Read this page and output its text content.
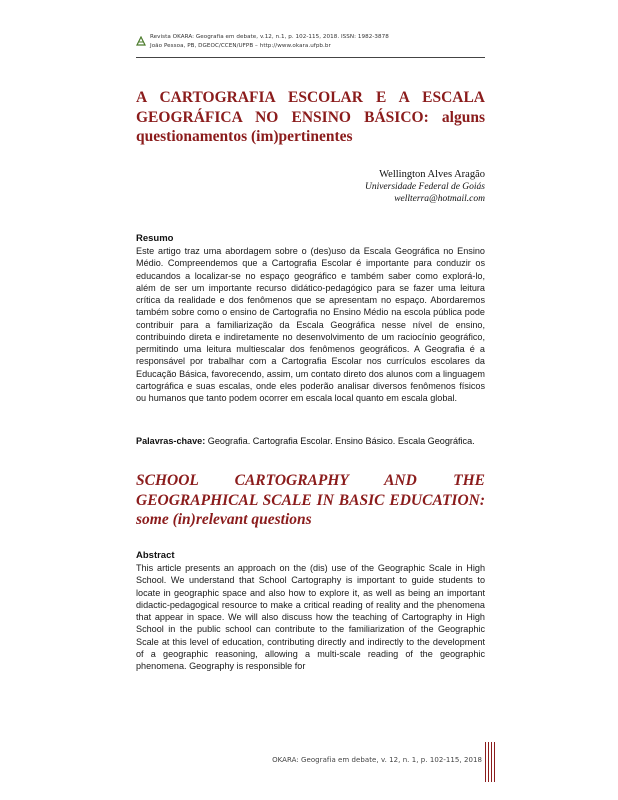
Revista OKARA: Geografia em debate, v.12, n.1, p. 102-115, 2018. ISSN: 1982-3878
João Pessoa, PB, DGEOC/CCEN/UFPB – http://www.okara.ufpb.br
A CARTOGRAFIA ESCOLAR E A ESCALA GEOGRÁFICA NO ENSINO BÁSICO: alguns questionamentos (im)pertinentes
Wellington Alves Aragão
Universidade Federal de Goiás
wellterra@hotmail.com
Resumo
Este artigo traz uma abordagem sobre o (des)uso da Escala Geográfica no Ensino Médio. Compreendemos que a Cartografia Escolar é importante para conduzir os educandos a localizar-se no espaço geográfico e também saber como explorá-lo, além de ser um importante recurso didático-pedagógico para se fazer uma leitura crítica da realidade e dos fenômenos que se apresentam no espaço. Abordaremos também sobre como o ensino de Cartografia no Ensino Médio na escola pública pode contribuir para a familiarização da Escala Geográfica nesse nível de ensino, contribuindo direta e indiretamente no desenvolvimento de um raciocínio geográfico, permitindo uma leitura multiescalar dos fenômenos geográficos. A Geografia é a responsável por trabalhar com a Cartografia Escolar nos currículos escolares da Educação Básica, favorecendo, assim, um contato direto dos alunos com a linguagem cartográfica e suas escalas, onde eles poderão analisar diversos fenômenos físicos ou humanos que tanto podem ocorrer em escala local quanto em escala global.
Palavras-chave: Geografia. Cartografia Escolar. Ensino Básico. Escala Geográfica.
SCHOOL CARTOGRAPHY AND THE GEOGRAPHICAL SCALE IN BASIC EDUCATION: some (in)relevant questions
Abstract
This article presents an approach on the (dis) use of the Geographic Scale in High School. We understand that School Cartography is important to guide students to locate in geographic space and also how to explore it, as well as being an important didactic-pedagogical resource to make a critical reading of reality and the phenomena that appear in space. We will also discuss how the teaching of Cartography in High School in the public school can contribute to the familiarization of the Geographic Scale at this level of education, contributing directly and indirectly to the development of a geographic reasoning, allowing a multi-scale reading of the geographic phenomena. Geography is responsible for
OKARA: Geografia em debate, v. 12, n. 1, p. 102-115, 2018
